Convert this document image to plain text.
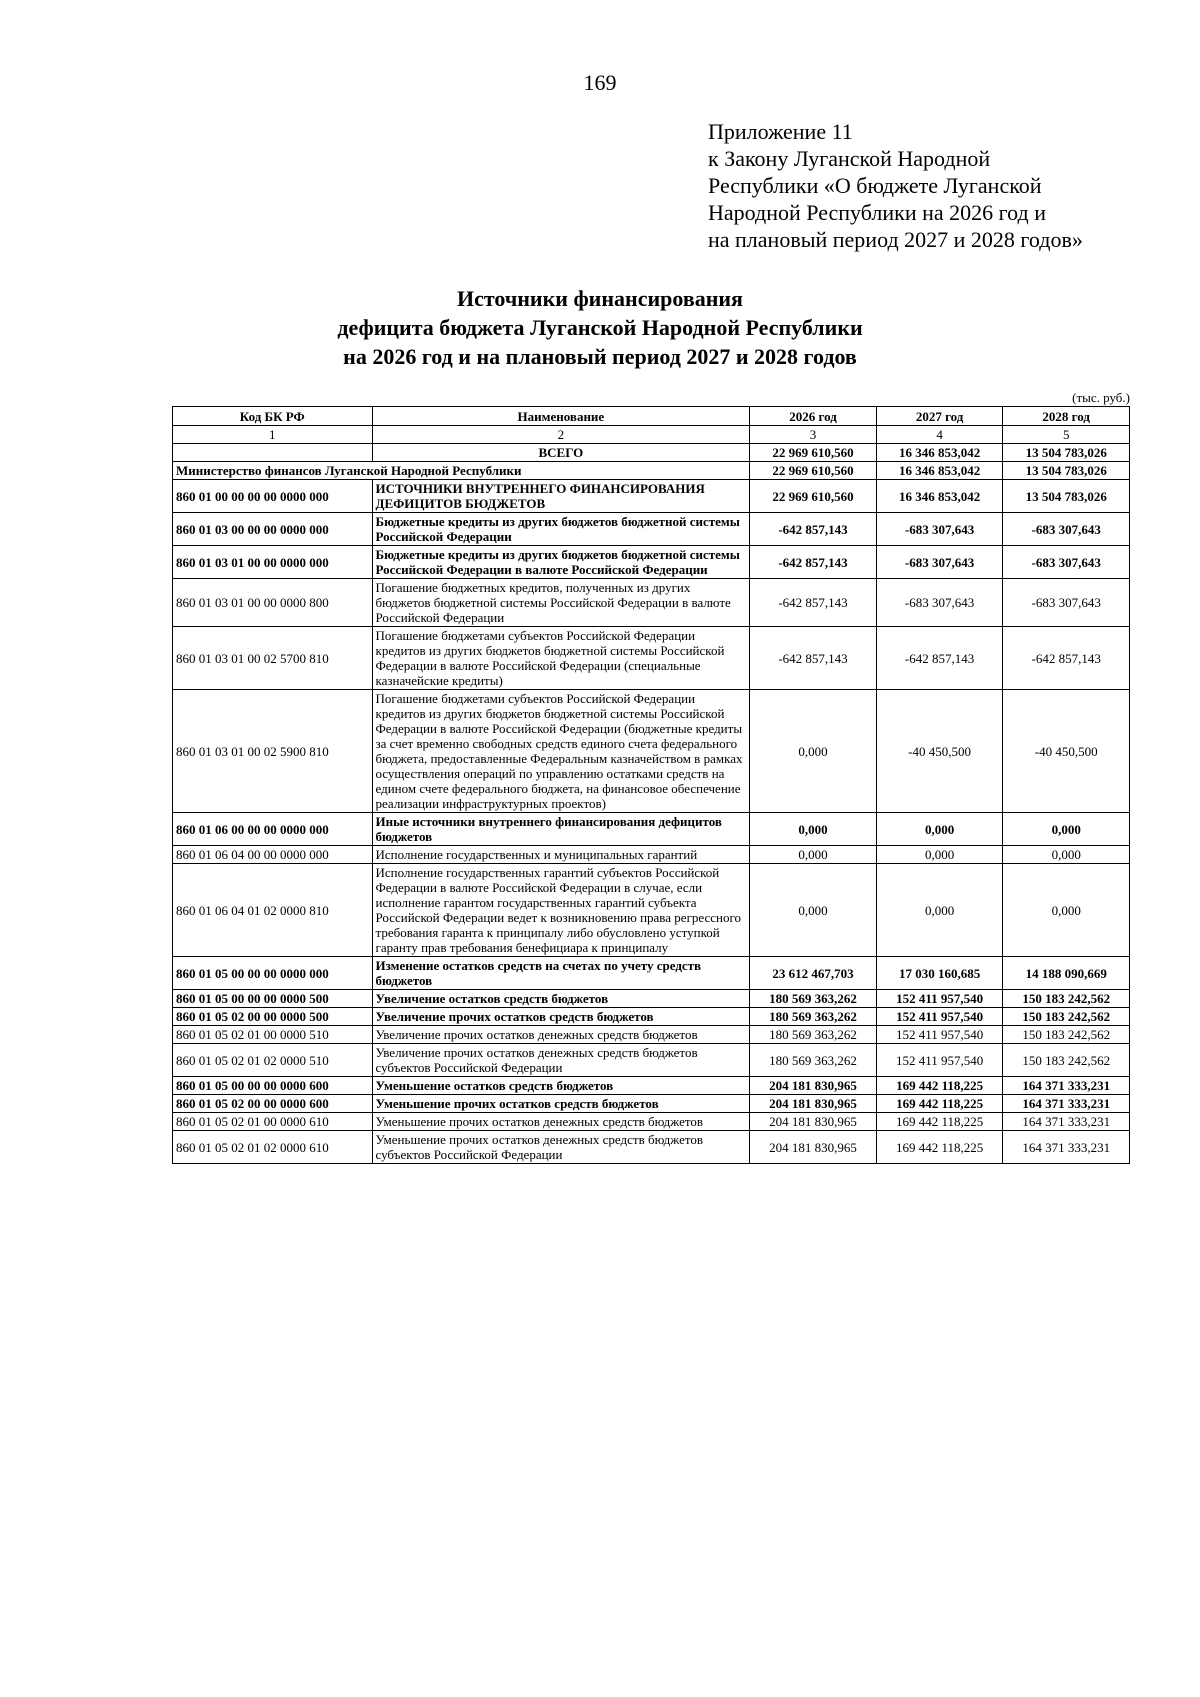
169
Приложение 11
к Закону Луганской Народной
Республики «О бюджете Луганской
Народной Республики на 2026 год и
на плановый период 2027 и 2028 годов»
Источники финансирования
дефицита бюджета Луганской Народной Республики
на 2026 год и на плановый период 2027 и 2028 годов
(тыс. руб.)
Код БК РФ	Наименование	2026 год	2027 год	2028 год
1	2	3	4	5
	ВСЕГО	22 969 610,560	16 346 853,042	13 504 783,026
Министерство финансов Луганской Народной Республики		22 969 610,560	16 346 853,042	13 504 783,026
860 01 00 00 00 00 0000 000	ИСТОЧНИКИ ВНУТРЕННЕГО ФИНАНСИРОВАНИЯ ДЕФИЦИТОВ БЮДЖЕТОВ	22 969 610,560	16 346 853,042	13 504 783,026
860 01 03 00 00 00 0000 000	Бюджетные кредиты из других бюджетов бюджетной системы Российской Федерации	-642 857,143	-683 307,643	-683 307,643
860 01 03 01 00 00 0000 000	Бюджетные кредиты из других бюджетов бюджетной системы Российской Федерации в валюте Российской Федерации	-642 857,143	-683 307,643	-683 307,643
860 01 03 01 00 00 0000 800	Погашение бюджетных кредитов, полученных из других бюджетов бюджетной системы Российской Федерации в валюте Российской Федерации	-642 857,143	-683 307,643	-683 307,643
860 01 03 01 00 02 5700 810	Погашение бюджетами субъектов Российской Федерации кредитов из других бюджетов бюджетной системы Российской Федерации в валюте Российской Федерации (специальные казначейские кредиты)	-642 857,143	-642 857,143	-642 857,143
860 01 03 01 00 02 5900 810	Погашение бюджетами субъектов Российской Федерации кредитов из других бюджетов бюджетной системы Российской Федерации в валюте Российской Федерации (бюджетные кредиты за счет временно свободных средств единого счета федерального бюджета, предоставленные Федеральным казначейством в рамках осуществления операций по управлению остатками средств на едином счете федерального бюджета, на финансовое обеспечение реализации инфраструктурных проектов)	0,000	-40 450,500	-40 450,500
860 01 06 00 00 00 0000 000	Иные источники внутреннего финансирования дефицитов бюджетов	0,000	0,000	0,000
860 01 06 04 00 00 0000 000	Исполнение государственных и муниципальных гарантий	0,000	0,000	0,000
860 01 06 04 01 02 0000 810	Исполнение государственных гарантий субъектов Российской Федерации в валюте Российской Федерации в случае, если исполнение гарантом государственных гарантий субъекта Российской Федерации ведет к возникновению права регрессного требования гаранта к принципалу либо обусловлено уступкой гаранту прав требования бенефициара к принципалу	0,000	0,000	0,000
860 01 05 00 00 00 0000 000	Изменение остатков средств на счетах по учету средств бюджетов	23 612 467,703	17 030 160,685	14 188 090,669
860 01 05 00 00 00 0000 500	Увеличение остатков средств бюджетов	180 569 363,262	152 411 957,540	150 183 242,562
860 01 05 02 00 00 0000 500	Увеличение прочих остатков средств бюджетов	180 569 363,262	152 411 957,540	150 183 242,562
860 01 05 02 01 00 0000 510	Увеличение прочих остатков денежных средств бюджетов	180 569 363,262	152 411 957,540	150 183 242,562
860 01 05 02 01 02 0000 510	Увеличение прочих остатков денежных средств бюджетов субъектов Российской Федерации	180 569 363,262	152 411 957,540	150 183 242,562
860 01 05 00 00 00 0000 600	Уменьшение остатков средств бюджетов	204 181 830,965	169 442 118,225	164 371 333,231
860 01 05 02 00 00 0000 600	Уменьшение прочих остатков средств бюджетов	204 181 830,965	169 442 118,225	164 371 333,231
860 01 05 02 01 00 0000 610	Уменьшение прочих остатков денежных средств бюджетов	204 181 830,965	169 442 118,225	164 371 333,231
860 01 05 02 01 02 0000 610	Уменьшение прочих остатков денежных средств бюджетов субъектов Российской Федерации	204 181 830,965	169 442 118,225	164 371 333,231
